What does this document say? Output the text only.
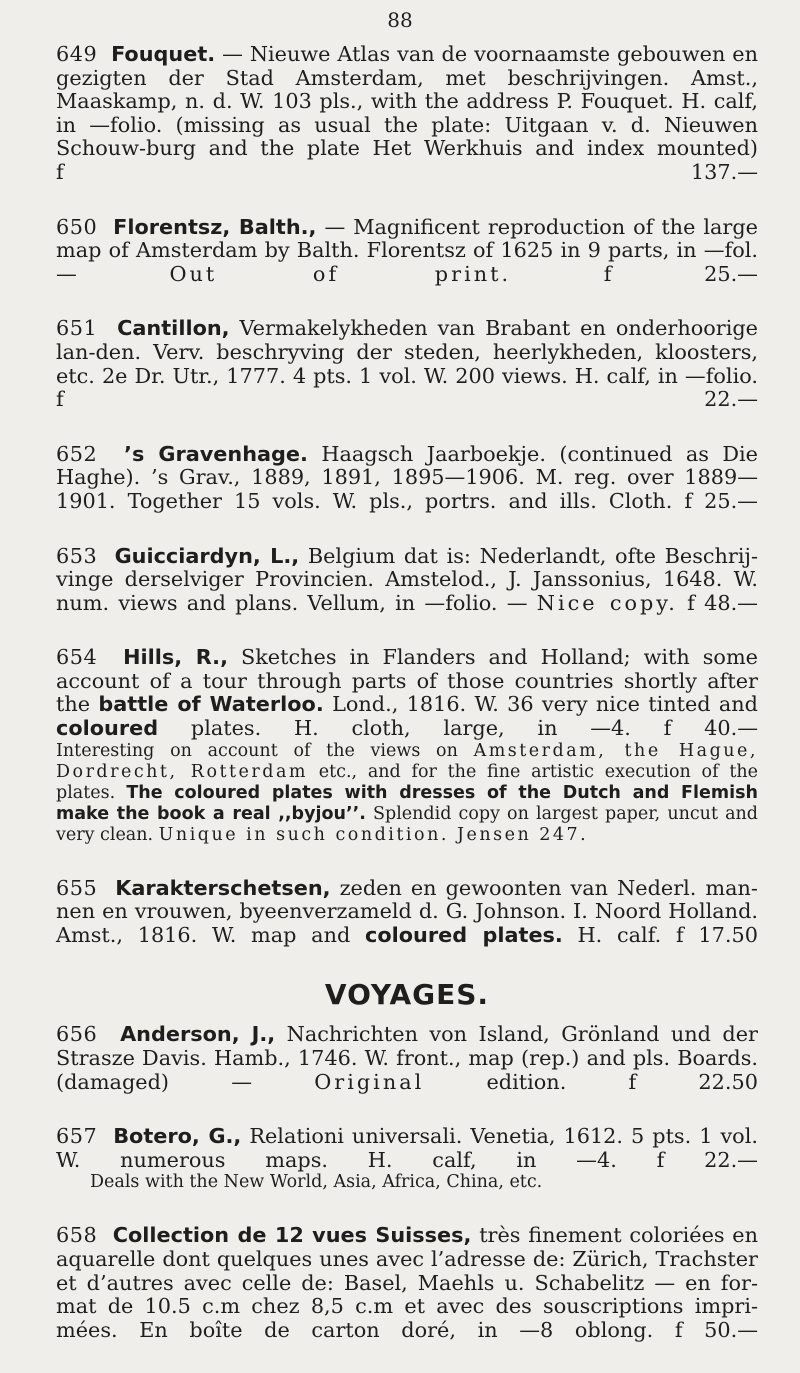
88

649 Fouquet. — Nieuwe Atlas van de voornaamste gebouwen en gezigten der Stad Amsterdam, met beschrijvingen. Amst., Maaskamp, n. d. W. 103 pls., with the address P. Fouquet. H. calf, in —folio. (missing as usual the plate: Uitgaan v. d. Nieuwen Schouw-burg and the plate Het Werkhuis and index mounted) f 137.—

650 Florentsz, Balth., — Magnificent reproduction of the large map of Amsterdam by Balth. Florentsz of 1625 in 9 parts, in —fol. —	Out of print.	f 25.—

651 Cantillon, Vermakelykheden van Brabant en onderhoorige lan-den. Verv. beschryving der steden, heerlykheden, kloosters, etc. 2e Dr. Utr., 1777. 4 pts. 1 vol. W. 200 views. H. calf, in —folio. f 22.—

652 ’s Gravenhage. Haagsch Jaarboekje. (continued as Die Haghe). ’s Grav., 1889, 1891, 1895—1906. M. reg. over 1889— 1901. Together 15 vols. W. pls., portrs. and ills. Cloth. f 25.—

653 Guicciardyn, L., Belgium dat is: Nederlandt, ofte Beschrij-vinge derselviger Provincien. Amstelod., J. Janssonius, 1648. W. num. views and plans. Vellum, in —folio. — Nice copy. f 48.—

654 Hills, R., Sketches in Flanders and Holland; with some account of a tour through parts of those countries shortly after the battle of Waterloo. Lond., 1816. W. 36 very nice tinted and coloured plates. H. cloth, large, in —4. f 40.—
Interesting on account of the views on Amsterdam, the Hague, Dordrecht, Rotterdam etc., and for the fine artistic execution of the plates. The coloured plates with dresses of the Dutch and Flemish make the book a real ,,byjou’’. Splendid copy on largest paper, uncut and very clean. Unique in such condition. Jensen 247.

655 Karakterschetsen, zeden en gewoonten van Nederl. man-nen en vrouwen, byeenverzameld d. G. Johnson. I. Noord Holland. Amst., 1816. W. map and coloured plates. H. calf. f 17.50

VOYAGES.

656 Anderson, J., Nachrichten von Island, Grönland und der Strasze Davis. Hamb., 1746. W. front., map (rep.) and pls. Boards. (damaged) —	Original	edition.	f 22.50

657 Botero, G., Relationi universali. Venetia, 1612. 5 pts. 1 vol. W. numerous maps. H. calf, in —4. f 22.—
Deals with the New World, Asia, Africa, China, etc.

658 Collection de 12 vues Suisses, très finement coloriées en aquarelle dont quelques unes avec l’adresse de: Zürich, Trachster et d’autres avec celle de: Basel, Maehls u. Schabelitz — en for-mat de 10.5 c.m chez 8,5 c.m et avec des souscriptions impri-mées. En boîte de carton doré, in —8 oblong. f 50.—
